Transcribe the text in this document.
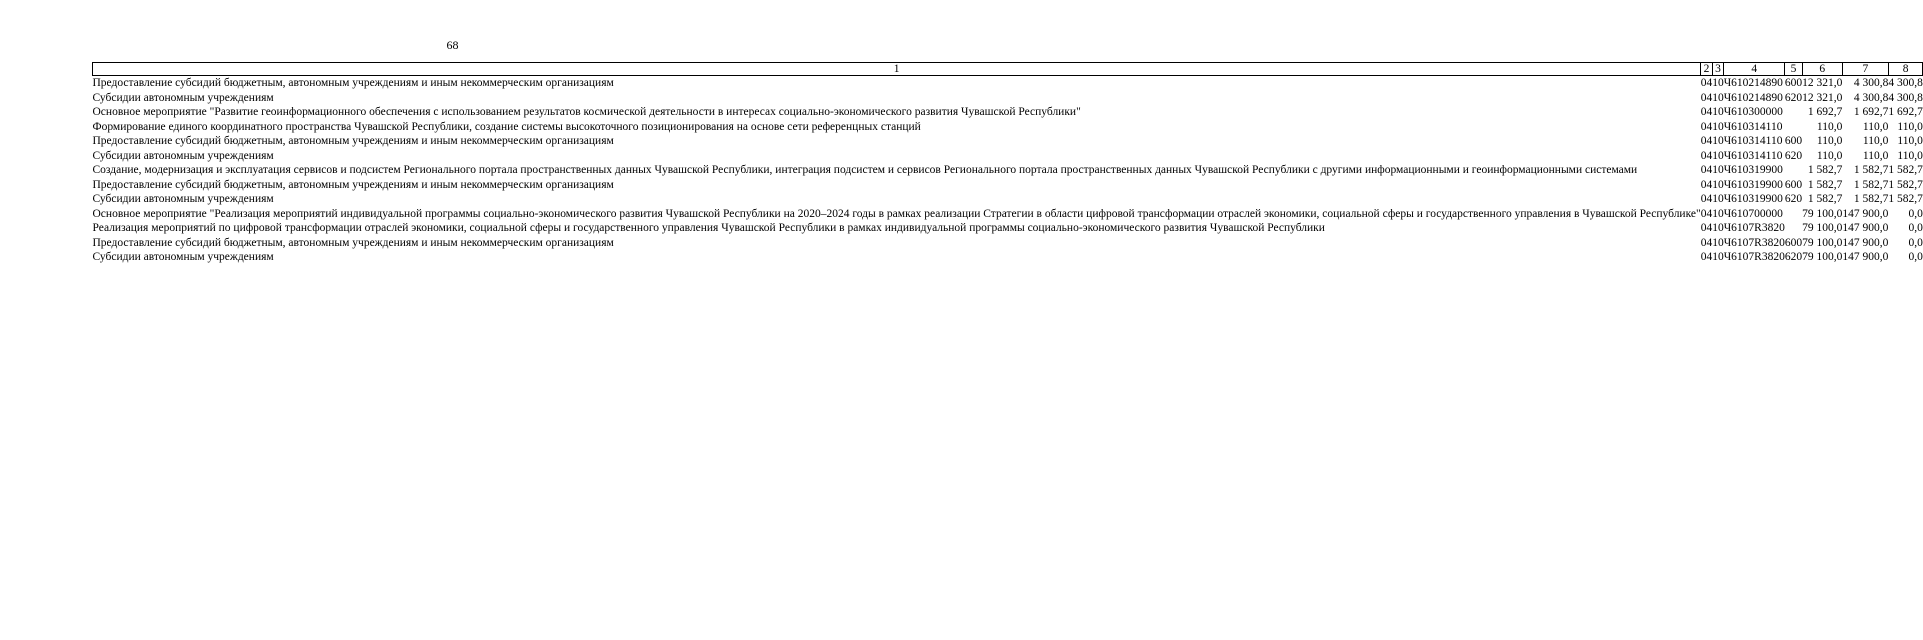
68
1	2	3	4	5	6	7	8
Предоставление субсидий бюджетным, автономным учреждениям и иным некоммерческим организациям	04	10	Ч610214890	600	12 321,0	4 300,8	4 300,8
Субсидии автономным учреждениям	04	10	Ч610214890	620	12 321,0	4 300,8	4 300,8
Основное мероприятие "Развитие геоинформационного обеспечения с использованием результатов космической деятельности в интересах социально-экономического развития Чувашской Республики"	04	10	Ч610300000		1 692,7	1 692,7	1 692,7
Формирование единого координатного пространства Чувашской Республики, создание системы высокоточного позиционирования на основе сети референцных станций	04	10	Ч610314110		110,0	110,0	110,0
Предоставление субсидий бюджетным, автономным учреждениям и иным некоммерческим организациям	04	10	Ч610314110	600	110,0	110,0	110,0
Субсидии автономным учреждениям	04	10	Ч610314110	620	110,0	110,0	110,0
Создание, модернизация и эксплуатация сервисов и подсистем Регионального портала пространственных данных Чувашской Республики, интеграция подсистем и сервисов Регионального портала пространственных данных Чувашской Республики с другими информационными и геоинформационными системами	04	10	Ч610319900		1 582,7	1 582,7	1 582,7
Предоставление субсидий бюджетным, автономным учреждениям и иным некоммерческим организациям	04	10	Ч610319900	600	1 582,7	1 582,7	1 582,7
Субсидии автономным учреждениям	04	10	Ч610319900	620	1 582,7	1 582,7	1 582,7
Основное мероприятие "Реализация мероприятий индивидуальной программы социально-экономического развития Чувашской Республики на 2020–2024 годы в рамках реализации Стратегии в области цифровой трансформации отраслей экономики, социальной сферы и государственного управления в Чувашской Республике"	04	10	Ч610700000		79 100,0	147 900,0	0,0
Реализация мероприятий по цифровой трансформации отраслей экономики, социальной сферы и государственного управления Чувашской Республики в рамках индивидуальной программы социально-экономического развития Чувашской Республики	04	10	Ч6107R3820		79 100,0	147 900,0	0,0
Предоставление субсидий бюджетным, автономным учреждениям и иным некоммерческим организациям	04	10	Ч6107R3820	600	79 100,0	147 900,0	0,0
Субсидии автономным учреждениям	04	10	Ч6107R3820	620	79 100,0	147 900,0	0,0
